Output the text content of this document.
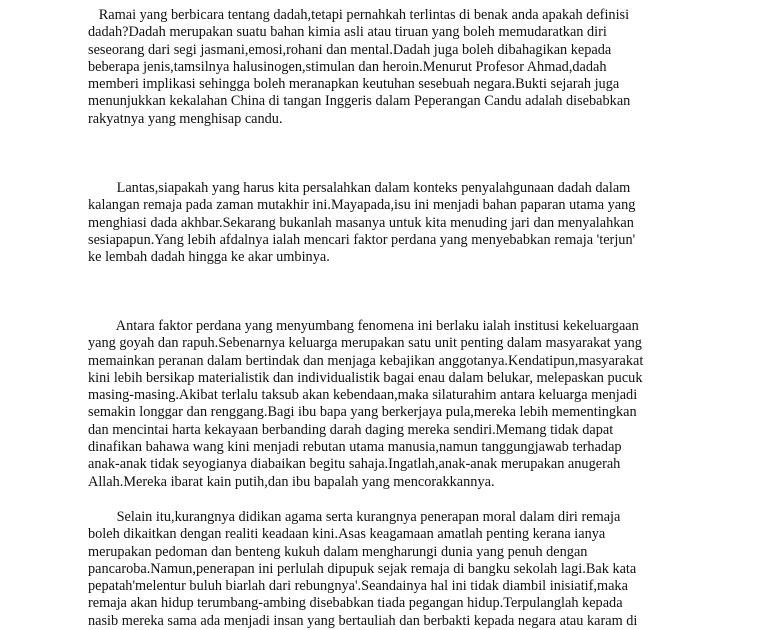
Ramai yang berbicara tentang dadah,tetapi pernahkah terlintas di benak anda apakah definisi
dadah?Dadah merupakan suatu bahan kimia asli atau tiruan yang boleh memudaratkan diri
seseorang dari segi jasmani,emosi,rohani dan mental.Dadah juga boleh dibahagikan kepada
beberapa jenis,tamsilnya halusinogen,stimulan dan heroin.Menurut Profesor Ahmad,dadah
memberi implikasi sehingga boleh meranapkan keutuhan sesebuah negara.Bukti sejarah juga
menunjukkan kekalahan China di tangan Inggeris dalam Peperangan Candu adalah disebabkan
rakyatnya yang menghisap candu.
Lantas,siapakah yang harus kita persalahkan dalam konteks penyalahgunaan dadah dalam
kalangan remaja pada zaman mutakhir ini.Mayapada,isu ini menjadi bahan paparan utama yang
menghiasi dada akhbar.Sekarang bukanlah masanya untuk kita menuding jari dan menyalahkan
sesiapapun.Yang lebih afdalnya ialah mencari faktor perdana yang menyebabkan remaja 'terjun'
ke lembah dadah hingga ke akar umbinya.
Antara faktor perdana yang menyumbang fenomena ini berlaku ialah institusi kekeluargaan
yang goyah dan rapuh.Sebenarnya keluarga merupakan satu unit penting dalam masyarakat yang
memainkan peranan dalam bertindak dan menjaga kebajikan anggotanya.Kendatipun,masyarakat
kini lebih bersikap materialistik dan individualistik bagai enau dalam belukar, melepaskan pucuk
masing-masing.Akibat terlalu taksub akan kebendaan,maka silaturahim antara keluarga menjadi
semakin longgar dan renggang.Bagi ibu bapa yang berkerjaya pula,mereka lebih mementingkan
dan mencintai harta kekayaan berbanding darah daging mereka sendiri.Memang tidak dapat
dinafikan bahawa wang kini menjadi rebutan utama manusia,namun tanggungjawab terhadap
anak-anak tidak seyogianya diabaikan begitu sahaja.Ingatlah,anak-anak merupakan anugerah
Allah.Mereka ibarat kain putih,dan ibu bapalah yang mencorakkannya.
Selain itu,kurangnya didikan agama serta kurangnya penerapan moral dalam diri remaja
boleh dikaitkan dengan realiti keadaan kini.Asas keagamaan amatlah penting kerana ianya
merupakan pedoman dan benteng kukuh dalam mengharungi dunia yang penuh dengan
pancaroba.Namun,penerapan ini perlulah dipupuk sejak remaja di bangku sekolah lagi.Bak kata
pepatah'melentur buluh biarlah dari rebungnya'.Seandainya hal ini tidak diambil inisiatif,maka
remaja akan hidup terumbang-ambing disebabkan tiada pegangan hidup.Terpulanglah kepada
nasib mereka sama ada menjadi insan yang bertauliah dan berbakti kepada negara atau karam di
